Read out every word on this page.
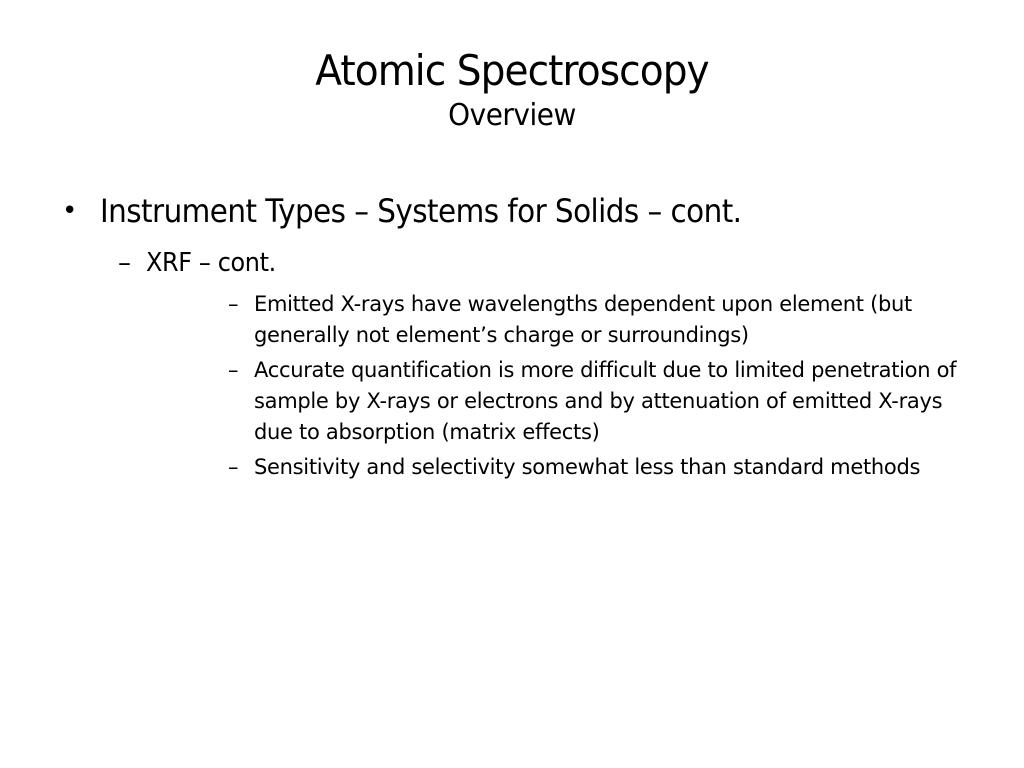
Atomic Spectroscopy
Overview
• Instrument Types – Systems for Solids – cont.
– XRF – cont.
– Emitted X-rays have wavelengths dependent upon element (but generally not element’s charge or surroundings)
– Accurate quantification is more difficult due to limited penetration of sample by X-rays or electrons and by attenuation of emitted X-rays due to absorption (matrix effects)
– Sensitivity and selectivity somewhat less than standard methods
